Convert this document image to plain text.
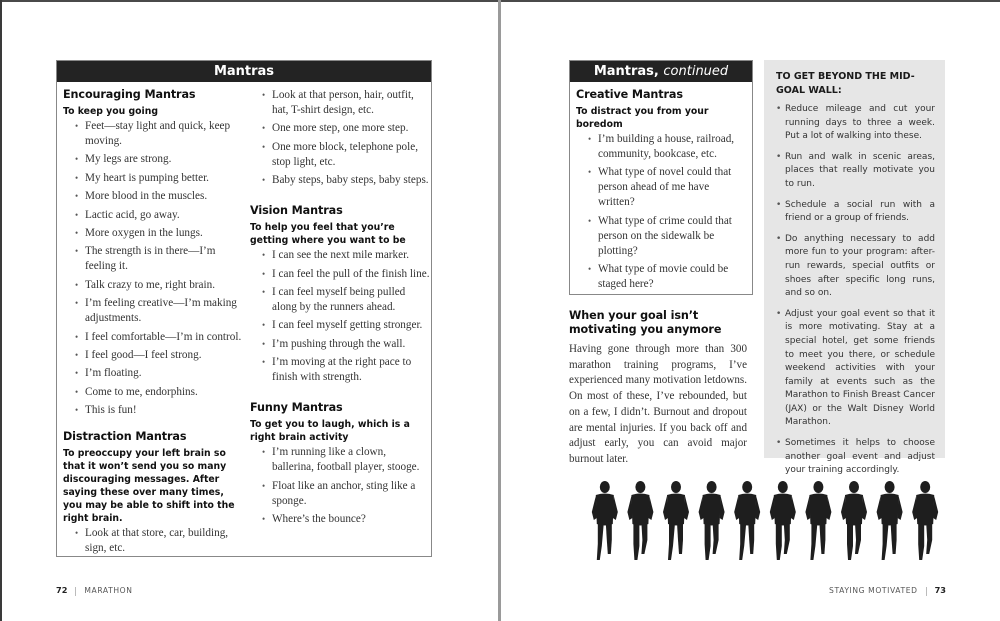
Mantras
Encouraging Mantras
To keep you going
• Feet—stay light and quick, keep moving.
• My legs are strong.
• My heart is pumping better.
• More blood in the muscles.
• Lactic acid, go away.
• More oxygen in the lungs.
• The strength is in there—I’m feeling it.
• Talk crazy to me, right brain.
• I’m feeling creative—I’m making adjustments.
• I feel comfortable—I’m in control.
• I feel good—I feel strong.
• I’m floating.
• Come to me, endorphins.
• This is fun!
Distraction Mantras
To preoccupy your left brain so that it won’t send you so many discouraging messages. After saying these over many times, you may be able to shift into the right brain.
• Look at that store, car, building, sign, etc.
• Look at that person, hair, outfit, hat, T-shirt design, etc.
• One more step, one more step.
• One more block, telephone pole, stop light, etc.
• Baby steps, baby steps, baby steps.
Vision Mantras
To help you feel that you’re getting where you want to be
• I can see the next mile marker.
• I can feel the pull of the finish line.
• I can feel myself being pulled along by the runners ahead.
• I can feel myself getting stronger.
• I’m pushing through the wall.
• I’m moving at the right pace to finish with strength.
Funny Mantras
To get you to laugh, which is a right brain activity
• I’m running like a clown, ballerina, football player, stooge.
• Float like an anchor, sting like a sponge.
• Where’s the bounce?
72 MARATHON
Mantras, continued
Creative Mantras
To distract you from your boredom
• I’m building a house, railroad, community, bookcase, etc.
• What type of novel could that person ahead of me have written?
• What type of crime could that person on the sidewalk be plotting?
• What type of movie could be staged here?
When your goal isn’t motivating you anymore

Having gone through more than 300 marathon training programs, I’ve experienced many motivation letdowns. On most of these, I’ve rebounded, but on a few, I didn’t. Burnout and dropout are mental injuries. If you back off and adjust early, you can avoid major burnout later.

TO GET BEYOND THE MID-GOAL WALL:
• Reduce mileage and cut your running days to three a week. Put a lot of walking into these.
• Run and walk in scenic areas, places that really motivate you to run.
• Schedule a social run with a friend or a group of friends.
• Do anything necessary to add more fun to your program: after-run rewards, special outfits or shoes after specific long runs, and so on.
• Adjust your goal event so that it is more motivating. Stay at a special hotel, get some friends to meet you there, or schedule weekend activities with your family at events such as the Marathon to Finish Breast Cancer (JAX) or the Walt Disney World Marathon.
• Sometimes it helps to choose another goal event and adjust your training accordingly.
STAYING MOTIVATED 73
